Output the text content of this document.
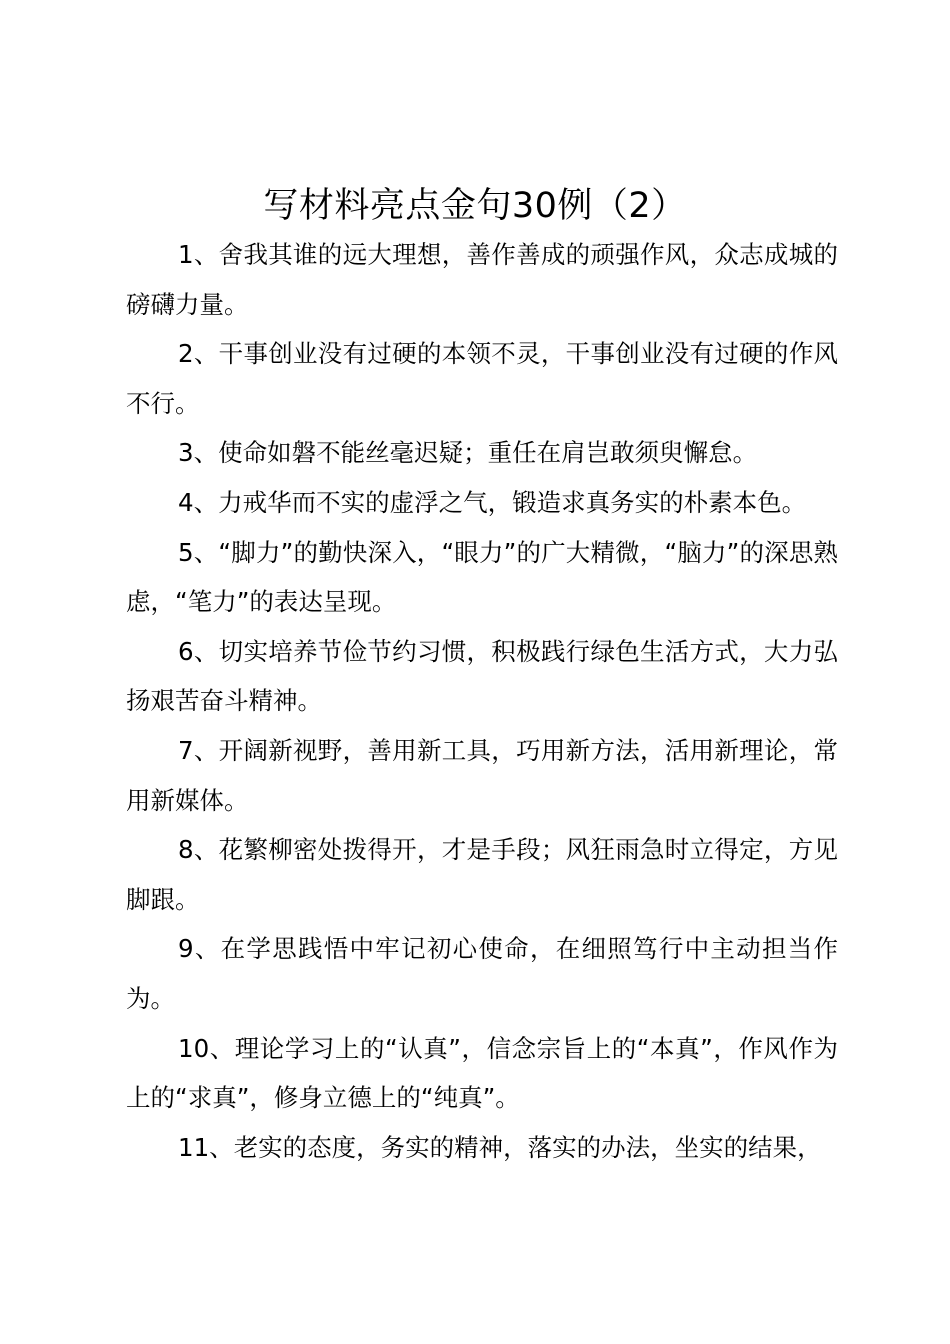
写材料亮点金句30例（2）

1、舍我其谁的远大理想，善作善成的顽强作风，众志成城的磅礴力量。

2、干事创业没有过硬的本领不灵，干事创业没有过硬的作风不行。

3、使命如磐不能丝毫迟疑；重任在肩岂敢须臾懈怠。

4、力戒华而不实的虚浮之气，锻造求真务实的朴素本色。

5、“脚力”的勤快深入，“眼力”的广大精微，“脑力”的深思熟虑，“笔力”的表达呈现。

6、切实培养节俭节约习惯，积极践行绿色生活方式，大力弘扬艰苦奋斗精神。

7、开阔新视野，善用新工具，巧用新方法，活用新理论，常用新媒体。

8、花繁柳密处拨得开，才是手段；风狂雨急时立得定，方见脚跟。

9、在学思践悟中牢记初心使命，在细照笃行中主动担当作为。

10、理论学习上的“认真”，信念宗旨上的“本真”，作风作为上的“求真”，修身立德上的“纯真”。

11、老实的态度，务实的精神，落实的办法，坐实的结果，
